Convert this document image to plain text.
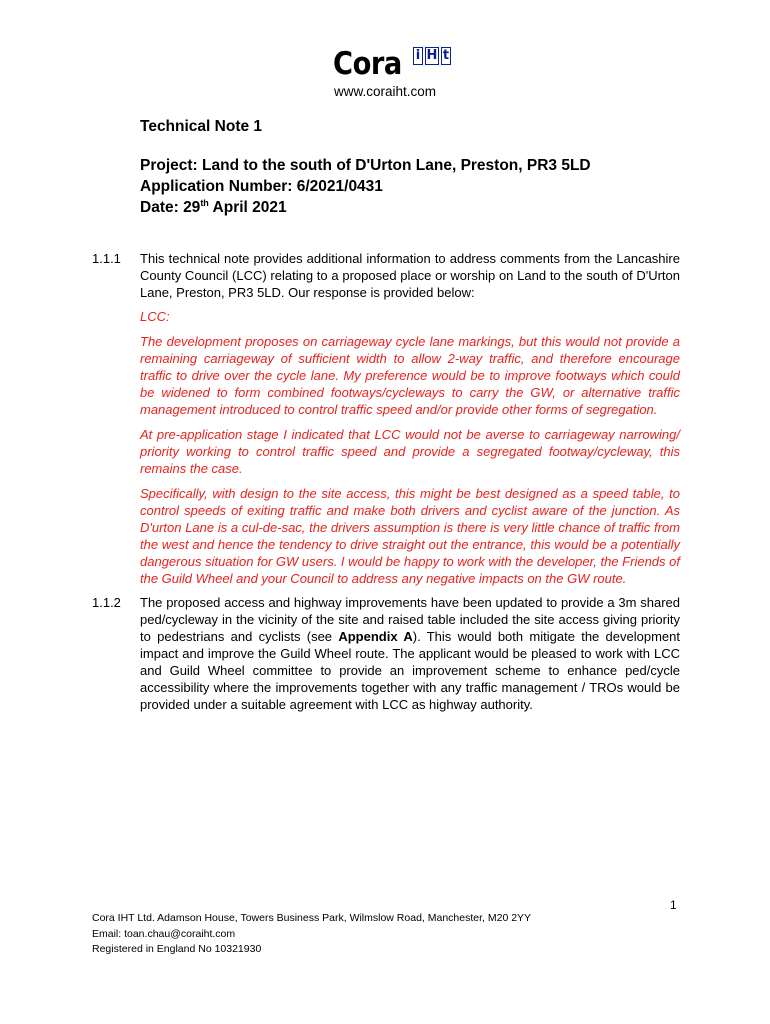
Cora i H t
www.coraiht.com

Technical Note 1

Project: Land to the south of D'Urton Lane, Preston, PR3 5LD

Application Number: 6/2021/0431

Date: 29th April 2021

1.1.1 This technical note provides additional information to address comments from the Lancashire County Council (LCC) relating to a proposed place or worship on Land to the south of D'Urton Lane, Preston, PR3 5LD. Our response is provided below:
LCC:
The development proposes on carriageway cycle lane markings, but this would not provide a remaining carriageway of sufficient width to allow 2-way traffic, and therefore encourage traffic to drive over the cycle lane. My preference would be to improve footways which could be widened to form combined footways/cycleways to carry the GW, or alternative traffic management introduced to control traffic speed and/or provide other forms of segregation.
At pre-application stage I indicated that LCC would not be averse to carriageway narrowing/ priority working to control traffic speed and provide a segregated footway/cycleway, this remains the case.
Specifically, with design to the site access, this might be best designed as a speed table, to control speeds of exiting traffic and make both drivers and cyclist aware of the junction. As D'urton Lane is a cul-de-sac, the drivers assumption is there is very little chance of traffic from the west and hence the tendency to drive straight out the entrance, this would be a potentially dangerous situation for GW users. I would be happy to work with the developer, the Friends of the Guild Wheel and your Council to address any negative impacts on the GW route.
1.1.2 The proposed access and highway improvements have been updated to provide a 3m shared ped/cycleway in the vicinity of the site and raised table included the site access giving priority to pedestrians and cyclists (see Appendix A). This would both mitigate the development impact and improve the Guild Wheel route. The applicant would be pleased to work with LCC and Guild Wheel committee to provide an improvement scheme to enhance ped/cycle accessibility where the improvements together with any traffic management / TROs would be provided under a suitable agreement with LCC as highway authority.
1
Cora IHT Ltd. Adamson House, Towers Business Park, Wilmslow Road, Manchester, M20 2YY
Email: toan.chau@coraiht.com
Registered in England No 10321930
